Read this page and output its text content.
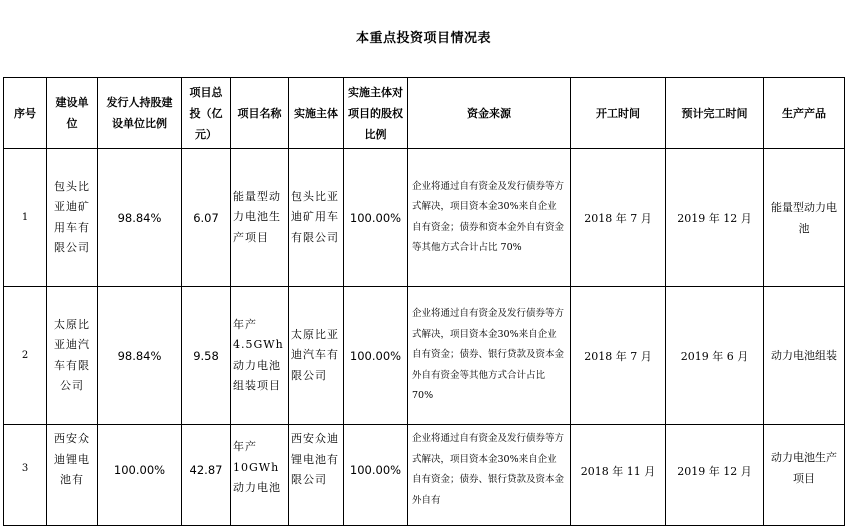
本重点投资项目情况表
序号	建设单位	发行人持股建设单位比例	项目总投（亿元）	项目名称	实施主体	实施主体对项目的股权比例	资金来源	开工时间	预计完工时间	生产产品

1	包头比亚迪矿用车有限公司	98.84%	6.07	能量型动力电池生产项目	包头比亚迪矿用车有限公司	100.00%	企业将通过自有资金及发行债券等方式解决，项目资本金30%来自企业自有资金；债券和资本金外自有资金等其他方式合计占比 70%	2018 年 7 月	2019 年 12 月	能量型动力电池

2	太原比亚迪汽车有限公司	98.84%	9.58	年产 4.5GWh 动力电池组装项目	太原比亚迪汽车有限公司	100.00%	企业将通过自有资金及发行债券等方式解决，项目资本金30%来自企业自有资金；债券、银行贷款及资本金外自有资金等其他方式合计占比 70%	2018 年 7 月	2019 年 6 月	动力电池组装

3	西安众迪锂电池有	100.00%	42.87	年产 10GWh 动力电池	西安众迪锂电池有限公司	100.00%	企业将通过自有资金及发行债券等方式解决，项目资本金30%来自企业自有资金；债券、银行贷款及资本金外自有	2018 年 11 月	2019 年 12 月	动力电池生产项目
